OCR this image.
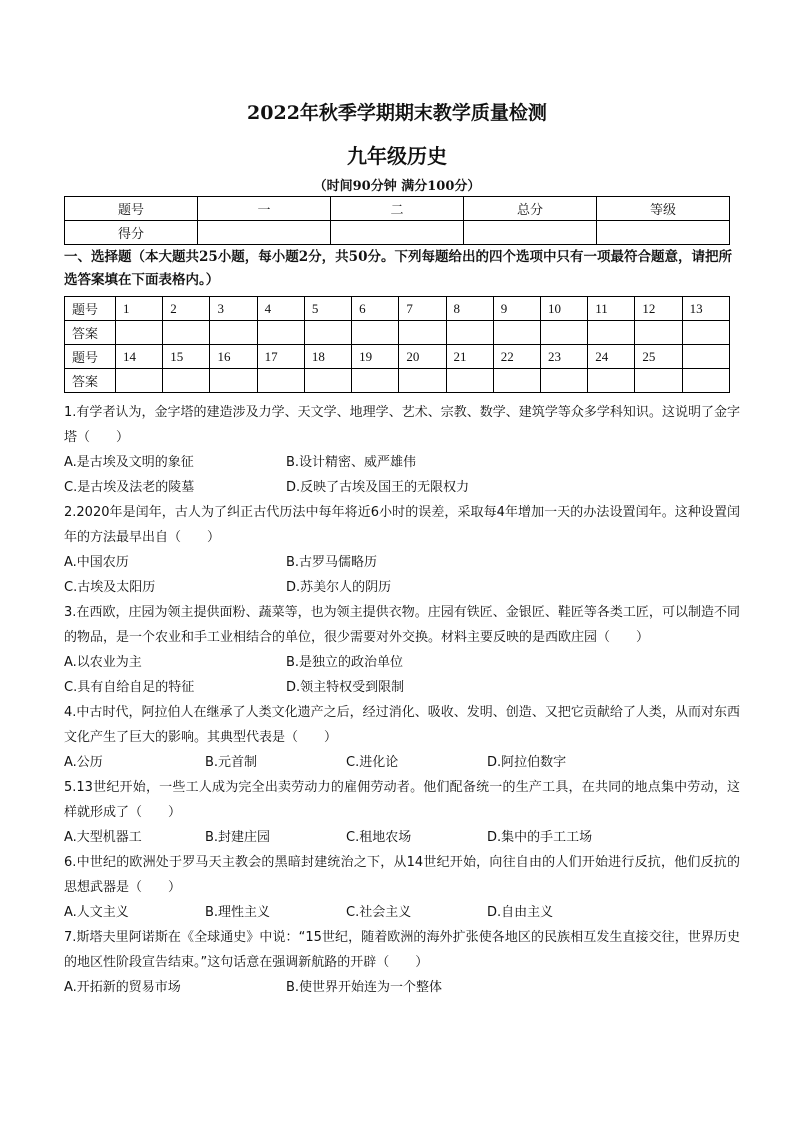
2022年秋季学期期末教学质量检测
九年级历史
（时间90分钟 满分100分）
题号	一	二	总分	等级
得分				
一、选择题（本大题共25小题，每小题2分，共50分。下列每题给出的四个选项中只有一项最符合题意，请把所选答案填在下面表格内。）
题号	1	2	3	4	5	6	7	8	9	10	11	12	13
答案													
题号	14	15	16	17	18	19	20	21	22	23	24	25	
答案													
1.有学者认为，金字塔的建造涉及力学、天文学、地理学、艺术、宗教、数学、建筑学等众多学科知识。这说明了金字塔（　　）
A.是古埃及文明的象征	B.设计精密、威严雄伟
C.是古埃及法老的陵墓	D.反映了古埃及国王的无限权力
2.2020年是闰年，古人为了纠正古代历法中每年将近6小时的误差，采取每4年增加一天的办法设置闰年。这种设置闰年的方法最早出自（　　）
A.中国农历	B.古罗马儒略历
C.古埃及太阳历	D.苏美尔人的阴历
3.在西欧，庄园为领主提供面粉、蔬菜等，也为领主提供衣物。庄园有铁匠、金银匠、鞋匠等各类工匠，可以制造不同的物品，是一个农业和手工业相结合的单位，很少需要对外交换。材料主要反映的是西欧庄园（　　）
A.以农业为主	B.是独立的政治单位
C.具有自给自足的特征	D.领主特权受到限制
4.中古时代，阿拉伯人在继承了人类文化遗产之后，经过消化、吸收、发明、创造、又把它贡献给了人类，从而对东西文化产生了巨大的影响。其典型代表是（　　）
A.公历	B.元首制	C.进化论	D.阿拉伯数字
5.13世纪开始，一些工人成为完全出卖劳动力的雇佣劳动者。他们配备统一的生产工具，在共同的地点集中劳动，这样就形成了（　　）
A.大型机器工	B.封建庄园	C.租地农场	D.集中的手工工场
6.中世纪的欧洲处于罗马天主教会的黑暗封建统治之下，从14世纪开始，向往自由的人们开始进行反抗，他们反抗的思想武器是（　　）
A.人文主义	B.理性主义	C.社会主义	D.自由主义
7.斯塔夫里阿诺斯在《全球通史》中说：“15世纪，随着欧洲的海外扩张使各地区的民族相互发生直接交往，世界历史的地区性阶段宣告结束。”这句话意在强调新航路的开辟（　　）
A.开拓新的贸易市场	B.使世界开始连为一个整体
